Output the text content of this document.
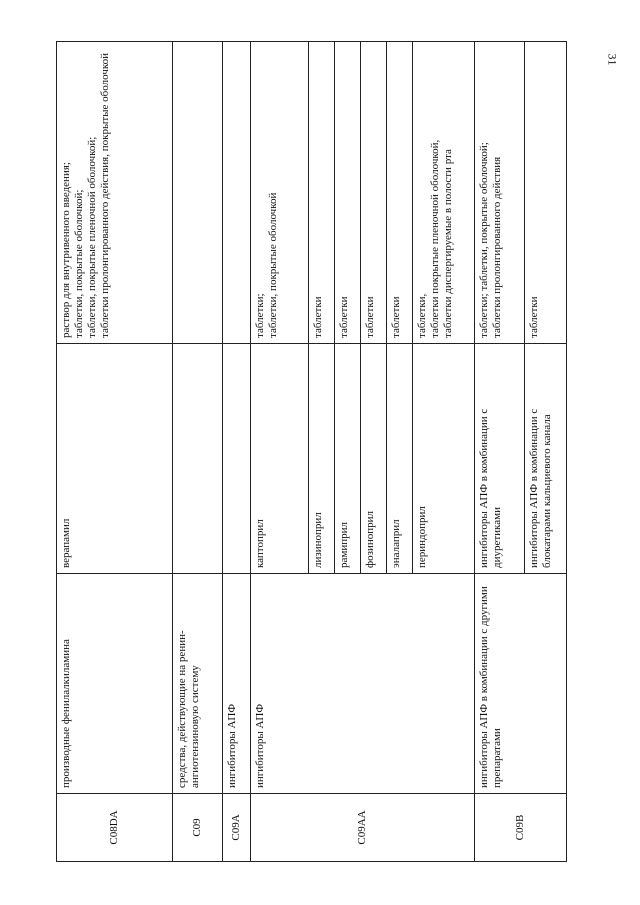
31
C08DA	производные фенилалкиламина	верапамил	раствор для внутривенного введения;
таблетки, покрытые оболочкой;
таблетки, покрытые пленочной оболочкой;
таблетки пролонгированного действия, покрытые оболочкой
C09	средства, действующие на ренин-ангиотензиновую систему		
C09A	ингибиторы АПФ		
C09AA	ингибиторы АПФ	каптоприл	таблетки;
таблетки, покрытые оболочкой
		лизиноприл	таблетки
		рамиприл	таблетки
		фозиноприл	таблетки
		эналаприл	таблетки
		периндоприл	таблетки,
таблетки покрытые пленочной оболочкой,
таблетки диспергируемые в полости рта
C09B	ингибиторы АПФ в комбинации с другими препаратами	ингибиторы АПФ в комбинации с диуретиками	таблетки; таблетки, покрытые оболочкой;
таблетки пролонгированного действия
		ингибиторы АПФ в комбинации с блокатарами кальциевого канала	таблетки
